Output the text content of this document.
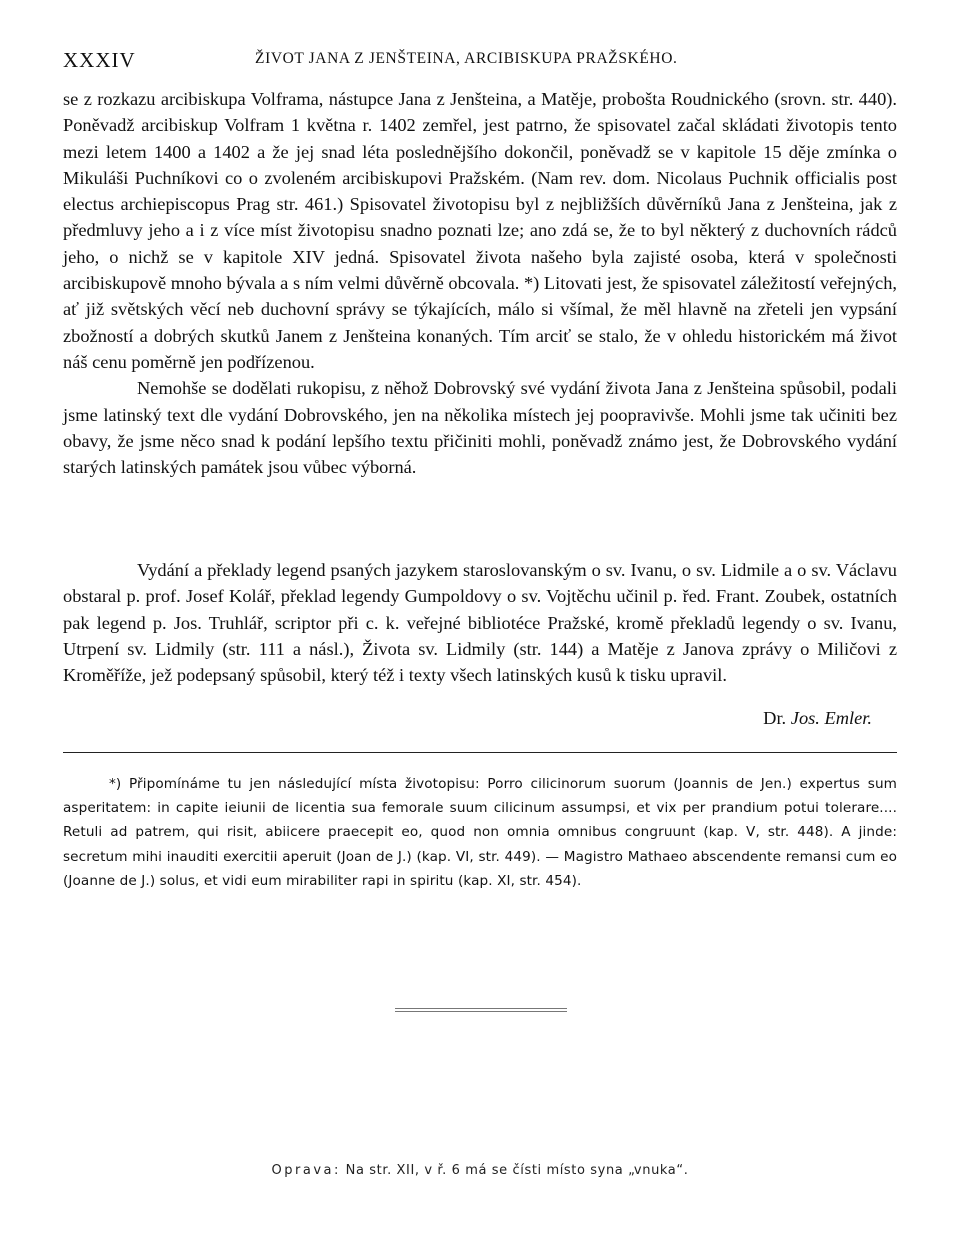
XXXIV	ŽIVOT JANA Z JENŠTEINA, ARCIBISKUPA PRAŽSKÉHO.

se z rozkazu arcibiskupa Volframa, nástupce Jana z Jenšteina, a Matěje, probošta Roudnického (srovn. str. 440). Poněvadž arcibiskup Volfram 1 května r. 1402 zemřel, jest patrno, že spisovatel začal skládati životopis tento mezi letem 1400 a 1402 a že jej snad léta poslednějšího dokončil, poněvadž se v kapitole 15 děje zmínka o Mikuláši Puchníkovi co o zvoleném arcibiskupovi Pražském. (Nam rev. dom. Nicolaus Puchnik officialis post electus archiepiscopus Prag str. 461.) Spisovatel životopisu byl z nejbližších důvěrníků Jana z Jenšteina, jak z předmluvy jeho a i z více míst životopisu snadno poznati lze; ano zdá se, že to byl některý z duchovních rádců jeho, o nichž se v kapitole XIV jedná. Spisovatel života našeho byla zajisté osoba, která v společnosti arcibiskupově mnoho bývala a s ním velmi důvěrně obcovala. *) Litovati jest, že spisovatel záležitostí veřejných, ať již světských věcí neb duchovní správy se týkajících, málo si všímal, že měl hlavně na zřeteli jen vypsání zbožností a dobrých skutků Janem z Jenšteina konaných. Tím arciť se stalo, že v ohledu historickém má život náš cenu poměrně jen podřízenou.

Nemohše se dodělati rukopisu, z něhož Dobrovský své vydání života Jana z Jenšteina spůsobil, podali jsme latinský text dle vydání Dobrovského, jen na několika místech jej poopravivše. Mohli jsme tak učiniti bez obavy, že jsme něco snad k podání lepšího textu přičiniti mohli, poněvadž známo jest, že Dobrovského vydání starých latinských památek jsou vůbec výborná.

Vydání a překlady legend psaných jazykem staroslovanským o sv. Ivanu, o sv. Lidmile a o sv. Václavu obstaral p. prof. Josef Kolář, překlad legendy Gumpoldovy o sv. Vojtěchu učinil p. řed. Frant. Zoubek, ostatních pak legend p. Jos. Truhlář, scriptor při c. k. veřejné bibliotéce Pražské, kromě překladů legendy o sv. Ivanu, Utrpení sv. Lidmily (str. 111 a násl.), Života sv. Lidmily (str. 144) a Matěje z Janova zprávy o Miličovi z Kroměříže, jež podepsaný spůsobil, který též i texty všech latinských kusů k tisku upravil.

Dr. Jos. Emler.
*) Připomínáme tu jen následující místa životopisu: Porro cilicinorum suorum (Joannis de Jen.) expertus sum asperitatem: in capite ieiunii de licentia sua femorale suum cilicinum assumpsi, et vix per prandium potui tolerare.... Retuli ad patrem, qui risit, abiicere praecepit eo, quod non omnia omnibus congruunt (kap. V, str. 448). A jinde: secretum mihi inauditi exercitii aperuit (Joan de J.) (kap. VI, str. 449). — Magistro Mathaeo abscendente remansi cum eo (Joanne de J.) solus, et vidi eum mirabiliter rapi in spiritu (kap. XI, str. 454).
Oprava: Na str. XII, v ř. 6 má se čísti místo syna „vnuka“.
